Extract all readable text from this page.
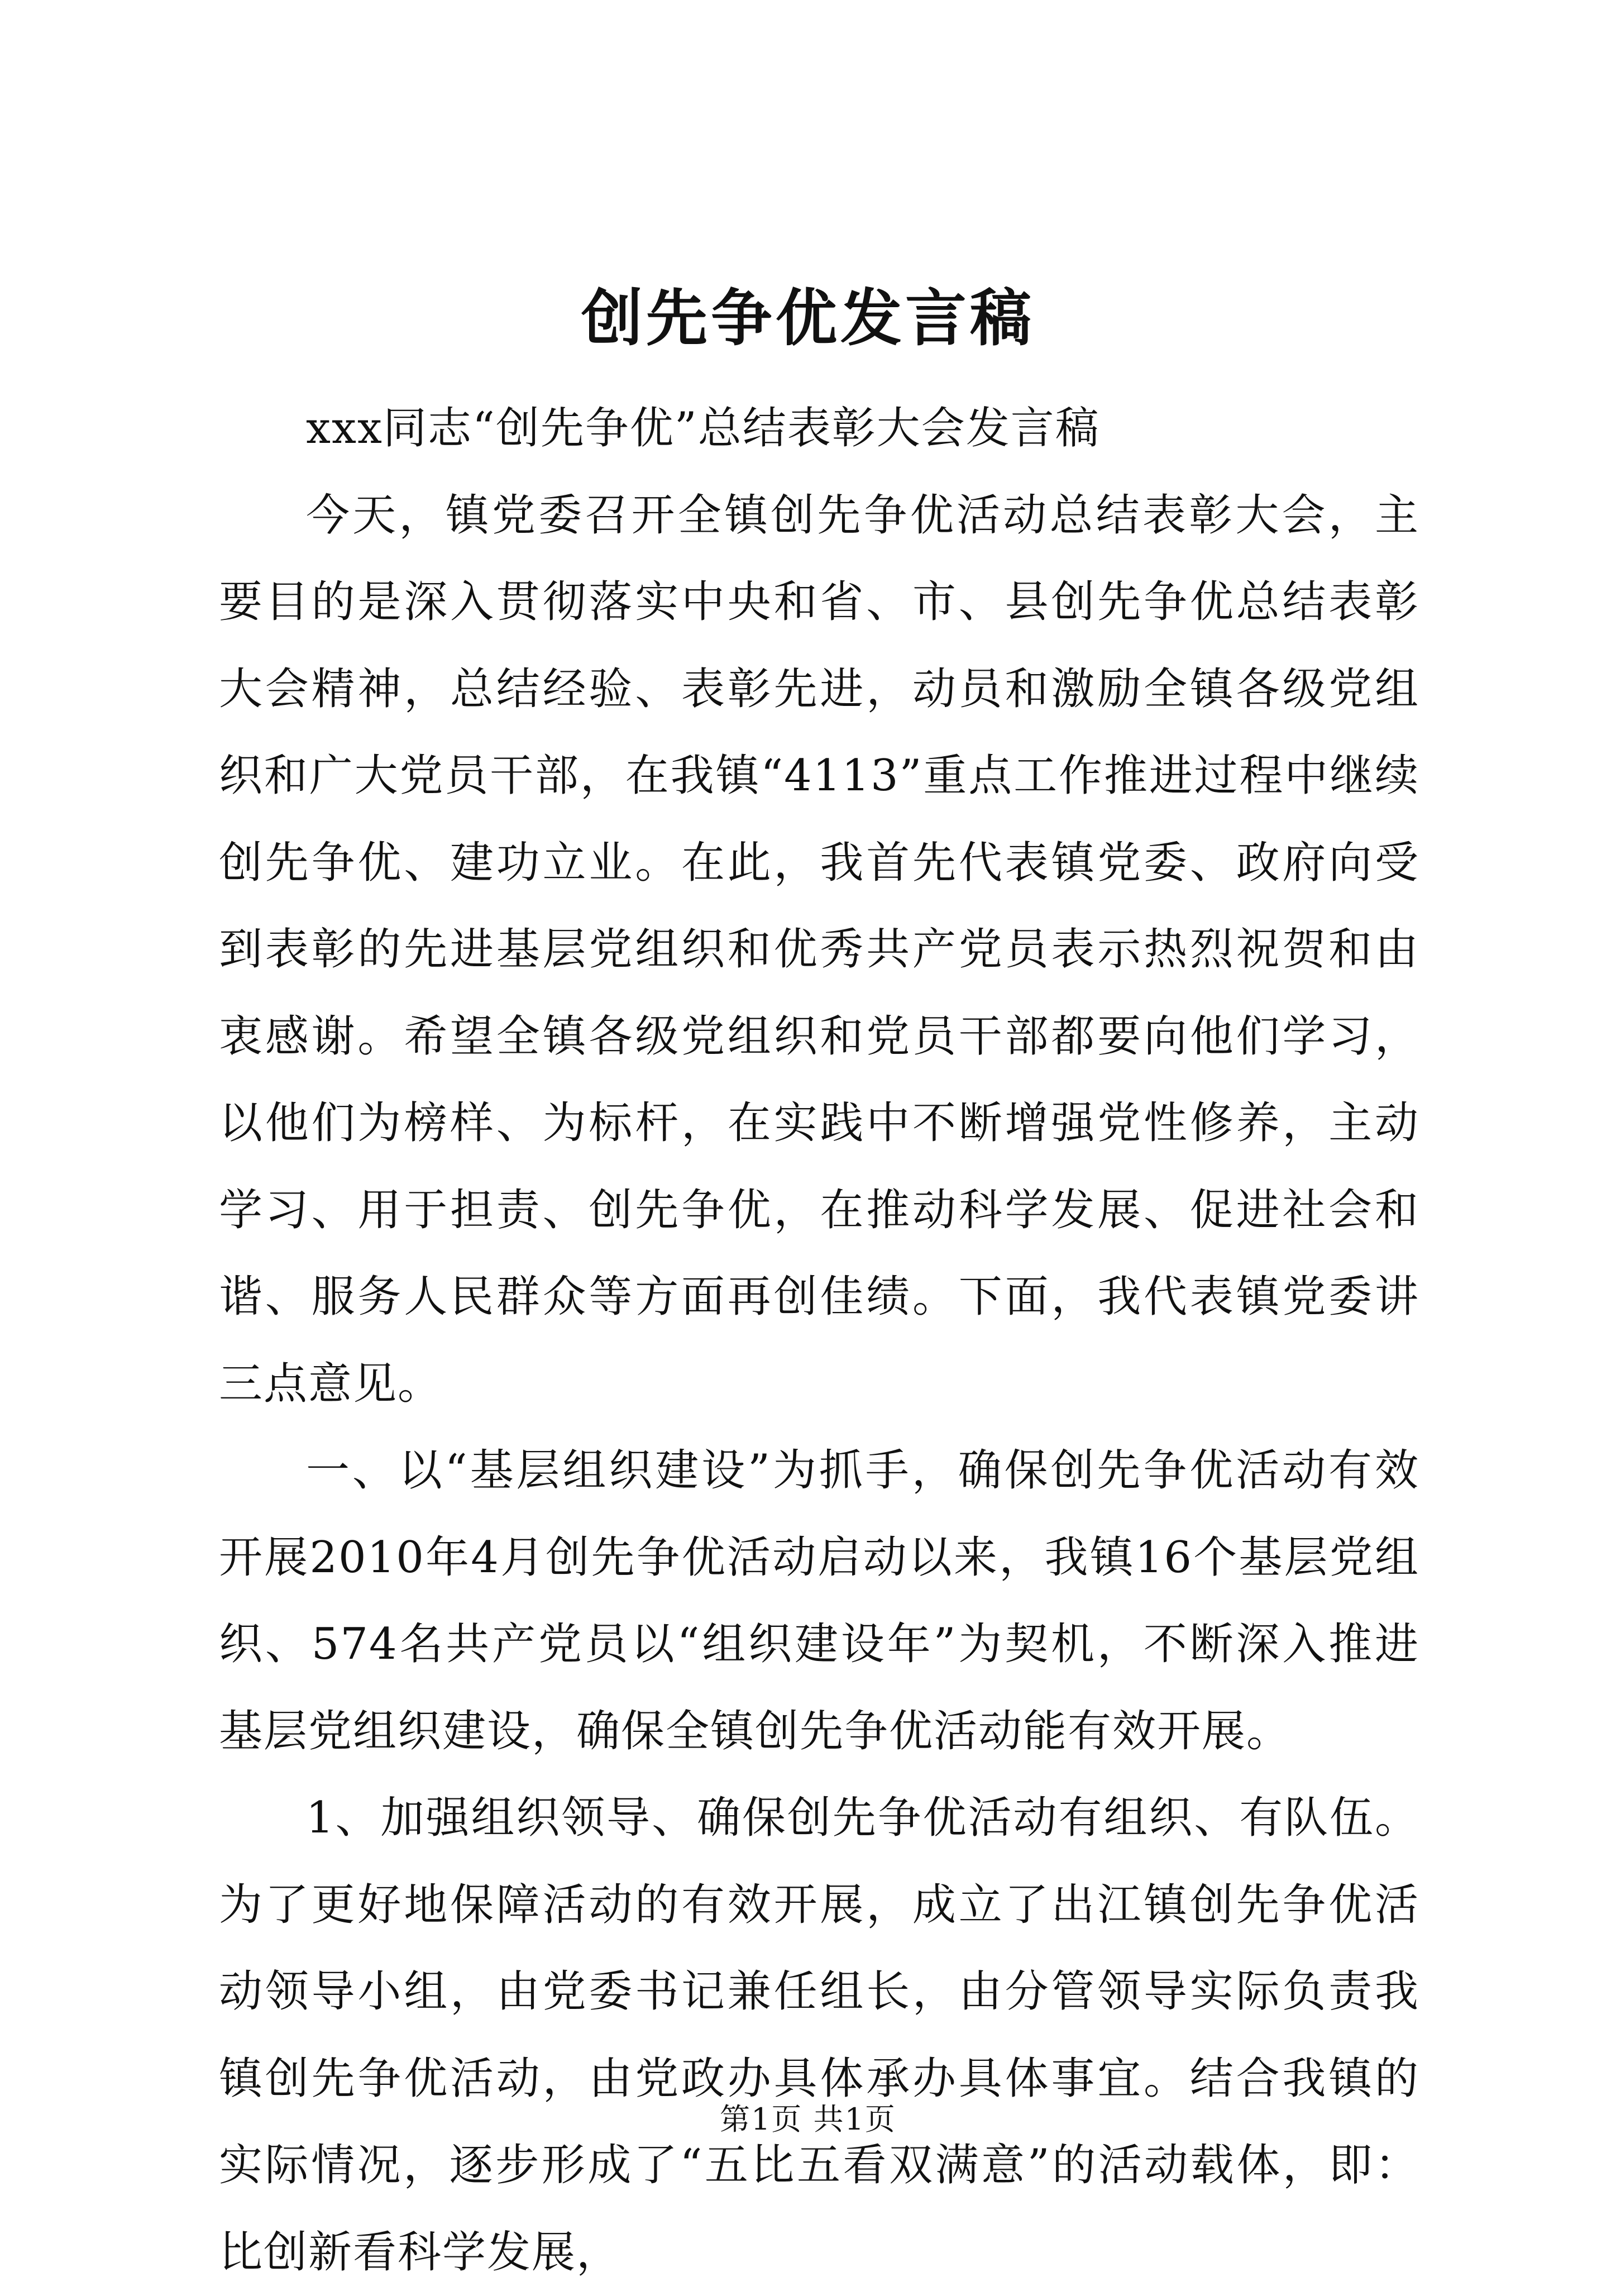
创先争优发言稿

xxx同志“创先争优”总结表彰大会发言稿

今天，镇党委召开全镇创先争优活动总结表彰大会，主要目的是深入贯彻落实中央和省、市、县创先争优总结表彰大会精神，总结经验、表彰先进，动员和激励全镇各级党组织和广大党员干部，在我镇“4113”重点工作推进过程中继续创先争优、建功立业。在此，我首先代表镇党委、政府向受到表彰的先进基层党组织和优秀共产党员表示热烈祝贺和由衷感谢。希望全镇各级党组织和党员干部都要向他们学习，以他们为榜样、为标杆，在实践中不断增强党性修养，主动学习、用于担责、创先争优，在推动科学发展、促进社会和谐、服务人民群众等方面再创佳绩。下面，我代表镇党委讲三点意见。

一、以“基层组织建设”为抓手，确保创先争优活动有效开展2010年4月创先争优活动启动以来，我镇16个基层党组织、574名共产党员以“组织建设年”为契机，不断深入推进基层党组织建设，确保全镇创先争优活动能有效开展。

1、加强组织领导、确保创先争优活动有组织、有队伍。为了更好地保障活动的有效开展，成立了出江镇创先争优活动领导小组，由党委书记兼任组长，由分管领导实际负责我镇创先争优活动，由党政办具体承办具体事宜。结合我镇的实际情况，逐步形成了“五比五看双满意”的活动载体，即：比创新看科学发展，

第1页 共1页
